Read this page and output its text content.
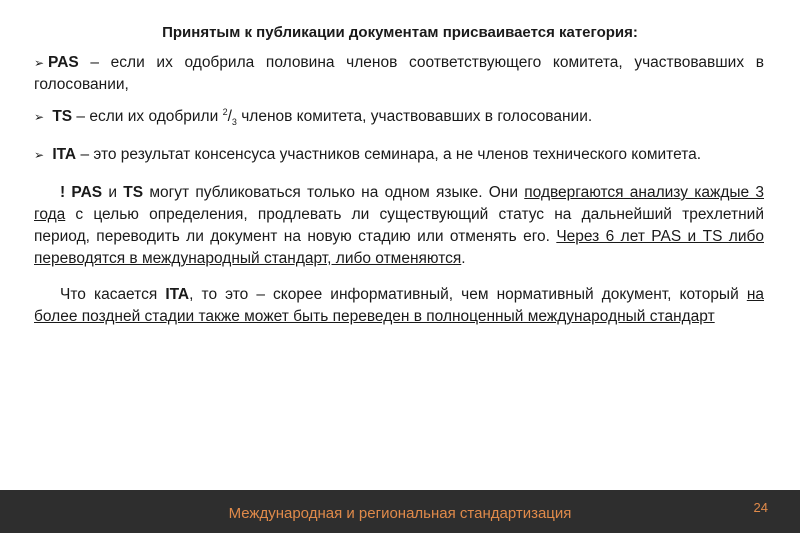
Принятым к публикации документам присваивается категория:

➢ PAS – если их одобрила половина членов соответствующего комитета, участвовавших в голосовании,

➢ TS – если их одобрили $^2/_3$ членов комитета, участвовавших в голосовании.

➢ ITA – это результат консенсуса участников семинара, а не членов технического комитета.

! PAS и TS могут публиковаться только на одном языке. Они подвергаются анализу каждые 3 года с целью определения, продлевать ли существующий статус на дальнейший трехлетний период, переводить ли документ на новую стадию или отменять его. Через 6 лет PAS и TS либо переводятся в международный стандарт, либо отменяются.

Что касается ITA, то это – скорее информативный, чем нормативный документ, который на более поздней стадии также может быть переведен в полноценный международный стандарт

Международная и региональная стандартизация	24
